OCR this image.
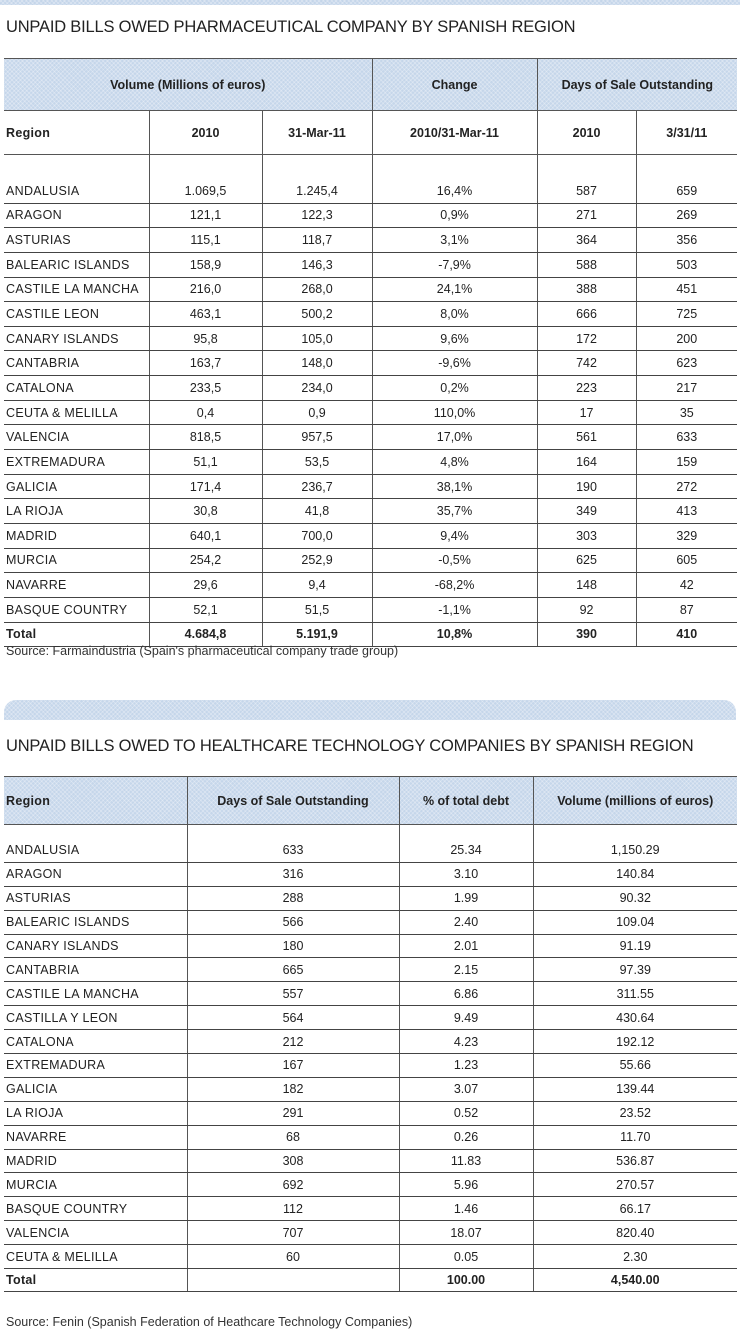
UNPAID BILLS OWED PHARMACEUTICAL COMPANY BY SPANISH REGION
Volume (Millions of euros)			Change	Days of Sale Outstanding	
Region	2010	31-Mar-11	2010/31-Mar-11	2010	3/31/11

ANDALUSIA	1.069,5	1.245,4	16,4%	587	659
ARAGON	121,1	122,3	0,9%	271	269
ASTURIAS	115,1	118,7	3,1%	364	356
BALEARIC ISLANDS	158,9	146,3	-7,9%	588	503
CASTILE LA MANCHA	216,0	268,0	24,1%	388	451
CASTILE LEON	463,1	500,2	8,0%	666	725
CANARY ISLANDS	95,8	105,0	9,6%	172	200
CANTABRIA	163,7	148,0	-9,6%	742	623
CATALONA	233,5	234,0	0,2%	223	217
CEUTA & MELILLA	0,4	0,9	110,0%	17	35
VALENCIA	818,5	957,5	17,0%	561	633
EXTREMADURA	51,1	53,5	4,8%	164	159
GALICIA	171,4	236,7	38,1%	190	272
LA RIOJA	30,8	41,8	35,7%	349	413
MADRID	640,1	700,0	9,4%	303	329
MURCIA	254,2	252,9	-0,5%	625	605
NAVARRE	29,6	9,4	-68,2%	148	42
BASQUE COUNTRY	52,1	51,5	-1,1%	92	87
Total	4.684,8	5.191,9	10,8%	390	410
Source: Farmaindustria (Spain's pharmaceutical company trade group)
UNPAID BILLS OWED TO HEALTHCARE TECHNOLOGY COMPANIES BY SPANISH REGION
Region	Days of Sale Outstanding	% of total debt	Volume (millions of euros)

ANDALUSIA	633	25.34	1,150.29
ARAGON	316	3.10	140.84
ASTURIAS	288	1.99	90.32
BALEARIC ISLANDS	566	2.40	109.04
CANARY ISLANDS	180	2.01	91.19
CANTABRIA	665	2.15	97.39
CASTILE LA MANCHA	557	6.86	311.55
CASTILLA Y LEON	564	9.49	430.64
CATALONA	212	4.23	192.12
EXTREMADURA	167	1.23	55.66
GALICIA	182	3.07	139.44
LA RIOJA	291	0.52	23.52
NAVARRE	68	0.26	11.70
MADRID	308	11.83	536.87
MURCIA	692	5.96	270.57
BASQUE COUNTRY	112	1.46	66.17
VALENCIA	707	18.07	820.40
CEUTA & MELILLA	60	0.05	2.30
Total		100.00	4,540.00
Source: Fenin (Spanish Federation of Heathcare Technology Companies)
